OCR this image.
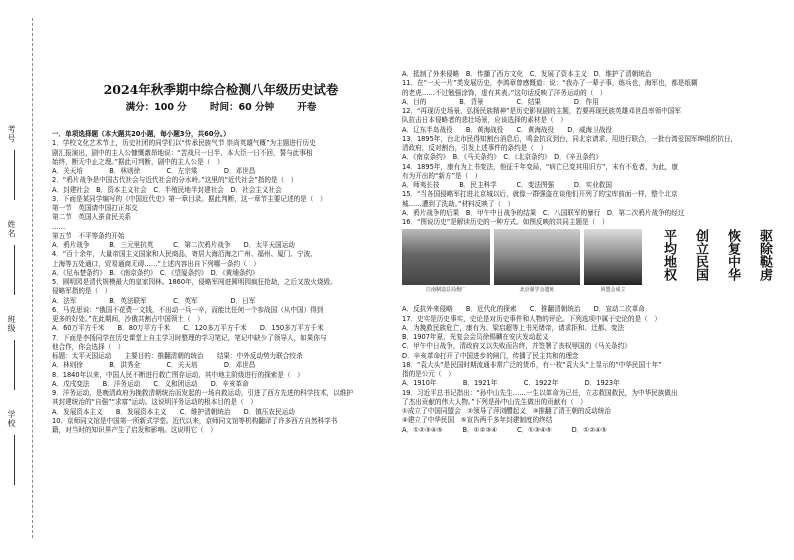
考号
姓名
班级
学校
2024年秋季期中综合检测八年级历史试卷
满分：100 分 时间：60 分钟 开卷

一．单项选择题（本大题共20小题，每小题3分，共60分。）

1．学校文化艺术节上，历史社团的同学们以“传承民族气节 崇尚英雄气概”为主题进行历史

剧汇报演出，剧中的主人公慷慨激昂地说：“苦战只一日半，本大臣一日不回，誓与此事相

始终，断无中止之理。”据此可判断，剧中的主人公是（　）

A．关天培　　　　B．林则徐　　　　C．左宗棠　　　　D．邓世昌

2．“鸦片战争是中国古代社会与近代社会的分水岭。”这里的“近代社会”指的是（　）

A．封建社会　B．资本主义社会　C．半殖民地半封建社会　D．社会主义社会

3．下面是某同学编写的《中国近代史》第一章目录。据此判断，这一章节主要记述的是（　）

第一节　英国请中国打正邦交

第二节　英国人蚕食民关系

……

第五节　不平等条约开始

A．鸦片战争　　　B．三元里抗英　　　C．第二次鸦片战争　　D．太平天国运动

4．“百十余年，大量帝国主义国家和人民商品，寄居大海沿海之广州、福州、厦门、宁波、

上海等五处通口，贸易通商无碍……”上述内容出自下列哪一条约（　）

A．《尼布楚条约》　B．《南京条约》　C．《望厦条约》　D．《黄埔条约》

5．圆明园是清代规模最大的皇家园林。1860年，侵略军闯进圆明园疯狂抢劫，之后又放火烧毁。

侵略军指的是（　）

A．法军　　　　　B．英法联军　　　　C．英军　　　　　D．日军

6．马克思说：“俄国不花费一文钱，不出动一兵一卒，而能比任何一个参战国（从中国）得到

更多的好处。”在此期间，沙俄共割占中国领土（　）

A．60万平方千米　　B．80万平方千米　　C．120多万平方千米　　D．150多万平方千米

7．下面是李扬同学在历史课堂上自主学习时整理的学习笔记，笔记中缺少了领导人，如果你与

他合作，你会选择（　）

标题：太平天国运动　　主要目的：推翻清朝的统治　　结果：中外反动势力联合绞杀

A．林则徐　　　　B．洪秀全　　　　C．关天培　　　　D．邓世昌

8．1840年以来，中国人民不断进行救亡图存运动，其中地主阶级进行的探索是（　）

A．戊戌变法　　B．洋务运动　　C．义和团运动　　D．辛亥革命

9．洋务运动，是晚清政府为挽救清朝统治而发起的一场自救运动，引进了西方先进的科学技术，以维护

其封建统治的“自强”“求富”运动。这说明洋务运动的根本目的是（　）

A．发展资本主义　　B．发展资本主义　　C．维护清朝统治　　D．镇压农民运动

10．京师同文馆是中国第一所新式学堂。近代以来，京师同文馆等机构翻译了许多西方自然科学书

籍，对当时的知识界产生了启发和影响。这说明它（　）

A．抵制了外来侵略　B．传播了西方文化　C．发展了资本主义　D．维护了清朝统治

11．在“一天一片”类发展历史，李鸿章曾感慨道：说：“我办了一辈子事，练兵也，海军也，都是纸糊

的老虎……不过勉强涂饰，虚有其表。”这句话反映了洋务运动的（　）

A．目的　　　　　B．背景　　　　　C．结果　　　　　D．作用

12．“再现历史场景，弘扬民族精神”是历史影视剧的主题，若要再现民族英雄邓世昌率领中国军

队抗击日本侵略者的悲壮场景，应该选择的素材是（　）

A．辽东半岛战役　　B．黄海战役　　C．黄海战役　　D．威海卫战役

13．1895年，台北市民得知割台消息后，鸣金抗议到台，同北京请求，用进行联合，一批台湾爱国军绅组织抗日，

清政府，反对割台，引发上述事件的条约是（　）

A．《南京条约》　B．《马关条约》　C．《北京条约》　D．《辛丑条约》

14．1895年，康有为上书变法，他征千年变局，“病亡已变其用旧方”，末有不危者，为此，康

有为开出的“新方”是（　）

A．师夷长技　　　B．民主科学　　　C．变法图强　　　D．实业救国

15．“当各国侵略军打进北京城以后，就像一群强盗在谈他们开列了的宝库前面一样，整个北京

城……遭到了洗劫。”材料反映了（　）

A．鸦片战争的后果　B．甲午中日战争的结果　C．八国联军的暴行　D．第二次鸦片战争的经过

16．“图说历史”是解读历史的一种方式。如图反映的共同主题是（　）

江南制造总局炮厂	北京强学会遗址	同盟会成立
驱除鞑虏
恢复中华
创立民国
平均地权

A．反抗外来侵略　　B．近代化的探索　　C．推翻清朝统治　　D．宣动二次革命

17．史实是历史事实，史论是对历史事件和人物的评论。下列选项中属于史论的是（　）

A．为挽救民族危亡，康有为、梁启超等上书光绪帝，请求拒和、迁都、变法

B．1907年夏，光复会会员徐锡麟在安庆发动起义

C．甲午中日战争，清政府又以失败而告终，并签署了丧权辱国的《马关条约》

D．辛亥革命打开了中国进步的闸门，传播了民主共和的理念

18．“袁大头”是民国时期流通非常广泛的货币，有一枚“袁大头”上显示的“中华民国十年”

指的是公元（　）

A．1910年　　　　B．1921年　　　　C．1922年　　　　D．1923年

19．习近平总书记指出：“孙中山先生……一生以革命为己任，立志救国救民，为中华民族做出

了杰出贡献的伟大人物。”下列是孙中山先生做出的贡献有（　）

①成立了中国同盟会　②领导了萍浏醴起义　③推翻了清王朝的反动统治

④建立了中华民国　⑤宣告两千多年封建制度的终结

A．①②③④⑤　　　B．①②③④　　　C．①③④⑤　　　D．①②④⑤
